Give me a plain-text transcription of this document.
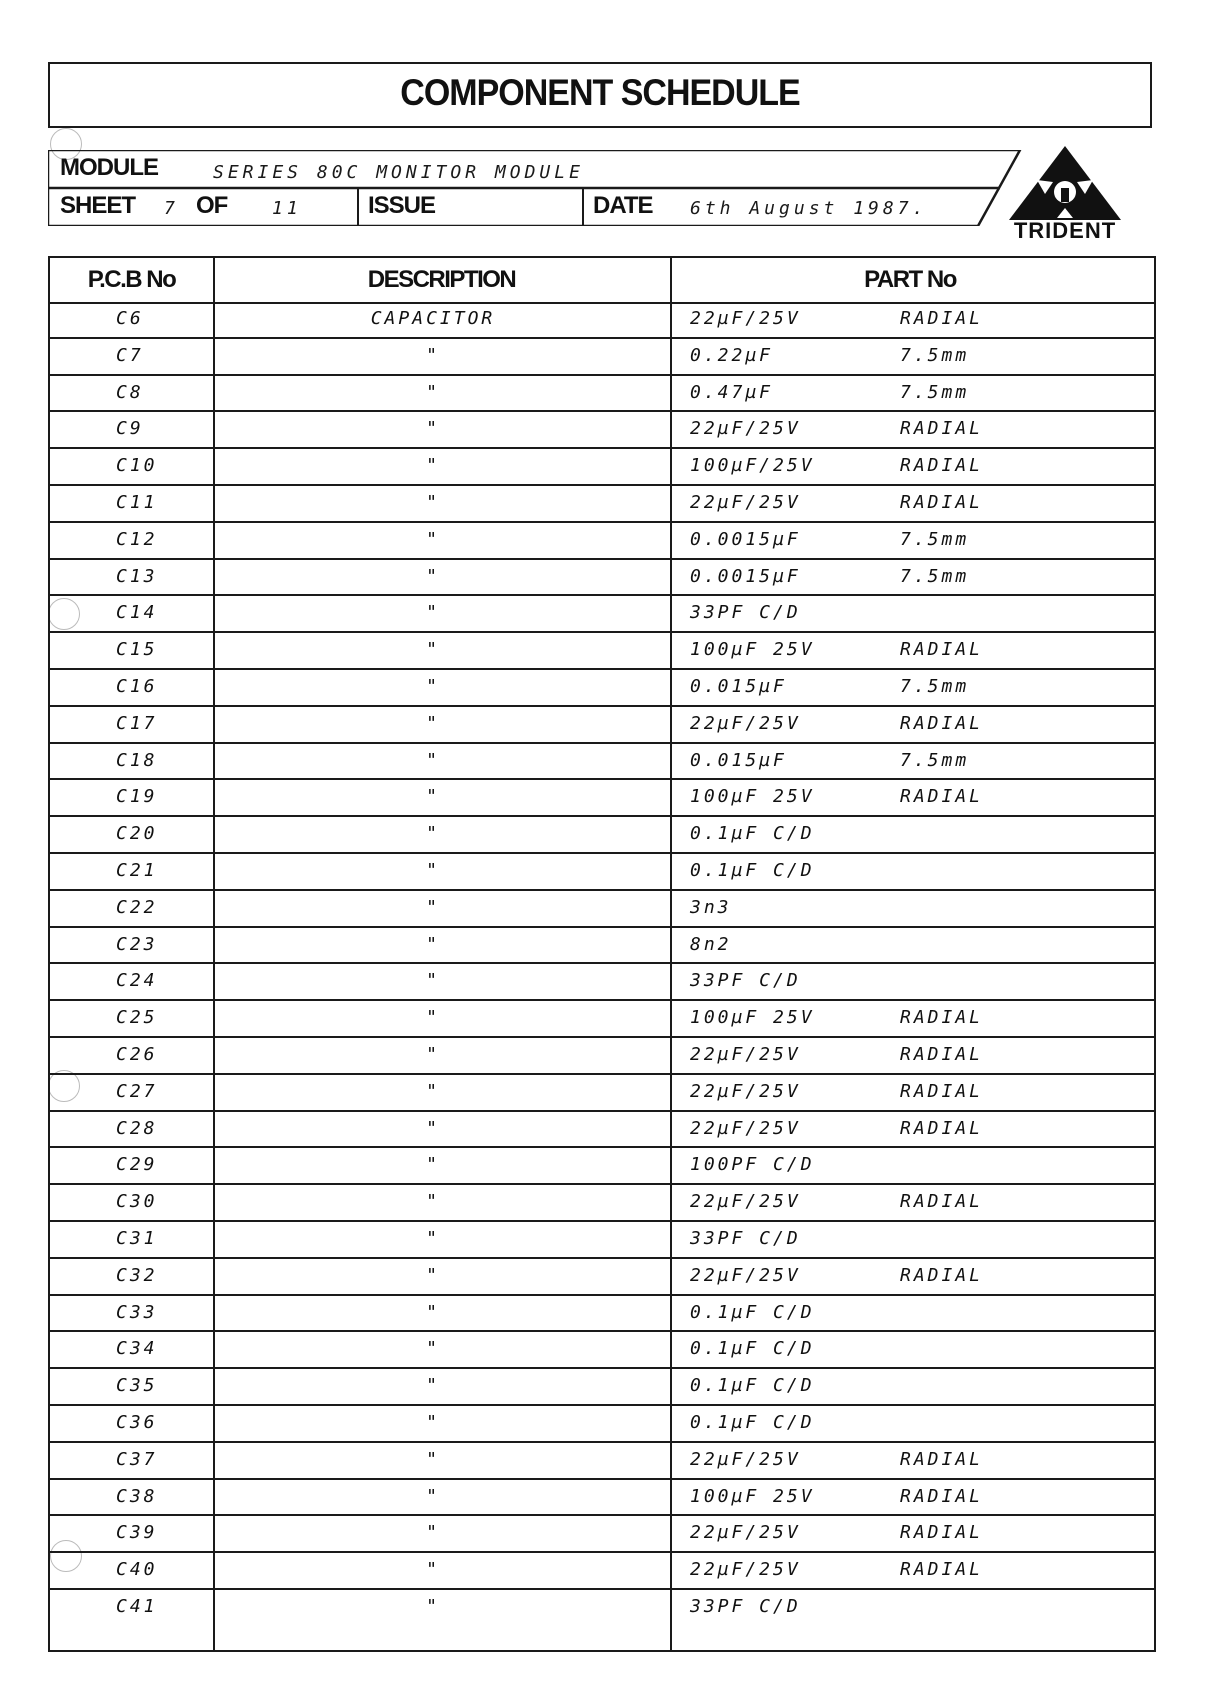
COMPONENT SCHEDULE
MODULE	SERIES 80C MONITOR MODULE
SHEET 7 OF 11	ISSUE	DATE 6th August 1987.
TRIDENT
P.C.B No	DESCRIPTION	PART No
C6	CAPACITOR	22µF/25V	RADIAL
C7	"	0.22µF	7.5mm
C8	"	0.47µF	7.5mm
C9	"	22µF/25V	RADIAL
C10	"	100µF/25V	RADIAL
C11	"	22µF/25V	RADIAL
C12	"	0.0015µF	7.5mm
C13	"	0.0015µF	7.5mm
C14	"	33PF C/D
C15	"	100µF 25V	RADIAL
C16	"	0.015µF	7.5mm
C17	"	22µF/25V	RADIAL
C18	"	0.015µF	7.5mm
C19	"	100µF 25V	RADIAL
C20	"	0.1µF C/D
C21	"	0.1µF C/D
C22	"	3n3
C23	"	8n2
C24	"	33PF C/D
C25	"	100µF 25V	RADIAL
C26	"	22µF/25V	RADIAL
C27	"	22µF/25V	RADIAL
C28	"	22µF/25V	RADIAL
C29	"	100PF C/D
C30	"	22µF/25V	RADIAL
C31	"	33PF C/D
C32	"	22µF/25V	RADIAL
C33	"	0.1µF C/D
C34	"	0.1µF C/D
C35	"	0.1µF C/D
C36	"	0.1µF C/D
C37	"	22µF/25V	RADIAL
C38	"	100µF 25V	RADIAL
C39	"	22µF/25V	RADIAL
C40	"	22µF/25V	RADIAL
C41	"	33PF C/D
